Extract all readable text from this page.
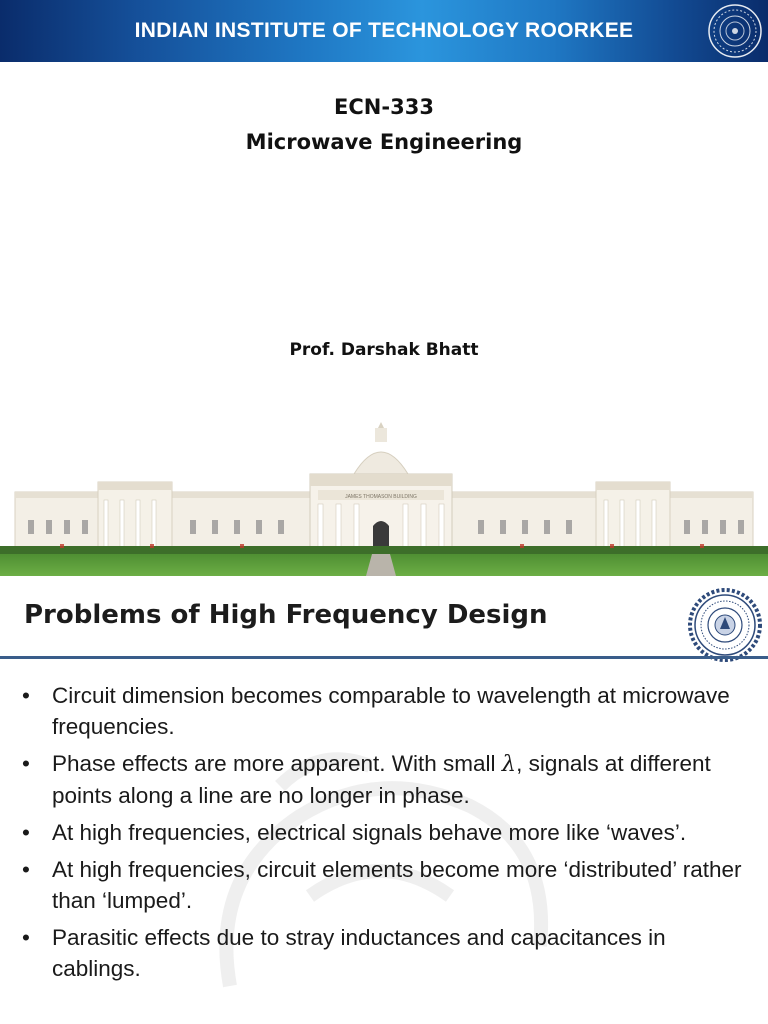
INDIAN INSTITUTE OF TECHNOLOGY ROORKEE
ECN-333
Microwave Engineering
Prof. Darshak Bhatt
JAMES THOMASON BUILDING
Problems of High Frequency Design
• Circuit dimension becomes comparable to wavelength at microwave frequencies.
• Phase effects are more apparent. With small λ, signals at different points along a line are no longer in phase.
• At high frequencies, electrical signals behave more like ‘waves’.
• At high frequencies, circuit elements become more ‘distributed’ rather than ‘lumped’.
• Parasitic effects due to stray inductances and capacitances in cablings.
